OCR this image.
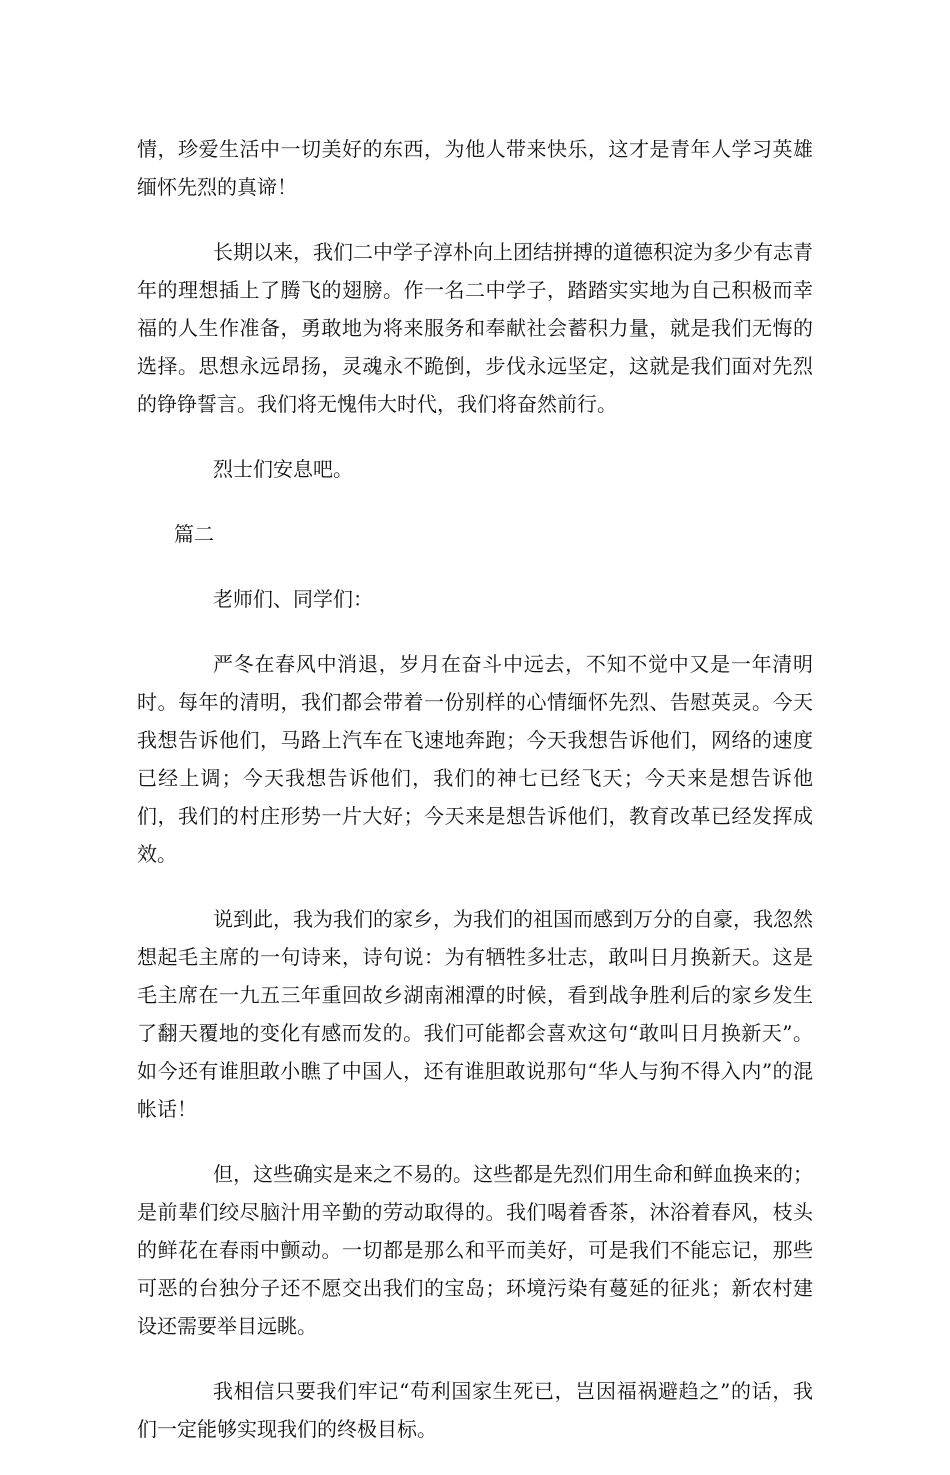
情，珍爱生活中一切美好的东西，为他人带来快乐，这才是青年人学习英雄缅怀先烈的真谛！

长期以来，我们二中学子淳朴向上团结拼搏的道德积淀为多少有志青年的理想插上了腾飞的翅膀。作一名二中学子，踏踏实实地为自己积极而幸福的人生作准备，勇敢地为将来服务和奉献社会蓄积力量，就是我们无悔的选择。思想永远昂扬，灵魂永不跪倒，步伐永远坚定，这就是我们面对先烈的铮铮誓言。我们将无愧伟大时代，我们将奋然前行。

烈士们安息吧。

篇二

老师们、同学们：

严冬在春风中消退，岁月在奋斗中远去，不知不觉中又是一年清明时。每年的清明，我们都会带着一份别样的心情缅怀先烈、告慰英灵。今天我想告诉他们，马路上汽车在飞速地奔跑；今天我想告诉他们，网络的速度已经上调；今天我想告诉他们，我们的神七已经飞天；今天来是想告诉他们，我们的村庄形势一片大好；今天来是想告诉他们，教育改革已经发挥成效。

说到此，我为我们的家乡，为我们的祖国而感到万分的自豪，我忽然想起毛主席的一句诗来，诗句说：为有牺牲多壮志，敢叫日月换新天。这是毛主席在一九五三年重回故乡湖南湘潭的时候，看到战争胜利后的家乡发生了翻天覆地的变化有感而发的。我们可能都会喜欢这句“敢叫日月换新天”。如今还有谁胆敢小瞧了中国人，还有谁胆敢说那句“华人与狗不得入内”的混帐话！

但，这些确实是来之不易的。这些都是先烈们用生命和鲜血换来的；是前辈们绞尽脑汁用辛勤的劳动取得的。我们喝着香茶，沐浴着春风，枝头的鲜花在春雨中颤动。一切都是那么和平而美好，可是我们不能忘记，那些可恶的台独分子还不愿交出我们的宝岛；环境污染有蔓延的征兆；新农村建设还需要举目远眺。

我相信只要我们牢记“苟利国家生死已，岂因福祸避趋之”的话，我们一定能够实现我们的终极目标。
